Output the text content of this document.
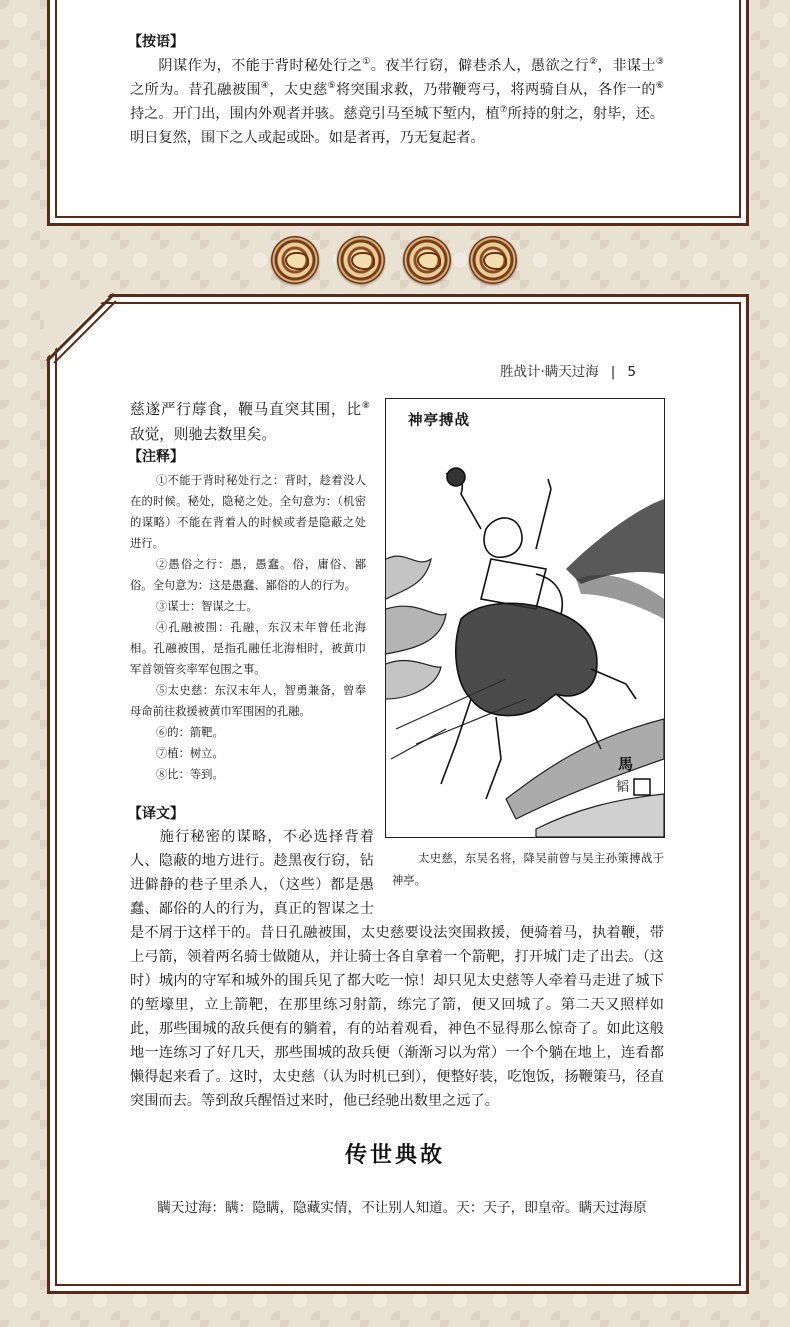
【按语】

阴谋作为，不能于背时秘处行之①。夜半行窃，僻巷杀人，愚欲之行②，非谋士③之所为。昔孔融被围④，太史慈⑤将突围求救，乃带鞭弯弓，将两骑自从，各作一的⑥持之。开门出，围内外观者并骇。慈竟引马至城下堑内，植⑦所持的射之，射毕，还。明日复然，围下之人或起或卧。如是者再，乃无复起者。

胜战计·瞒天过海 | 5

慈遂严行蓐食，鞭马直突其围，比⑧敌觉，则驰去数里矣。

【注释】

①不能于背时秘处行之：背时，趁着没人在的时候。秘处，隐秘之处。全句意为：（机密的谋略）不能在背着人的时候或者是隐蔽之处进行。

②愚俗之行：愚，愚蠢。俗，庸俗、鄙俗。全句意为：这是愚蠢、鄙俗的人的行为。

③谋士：智谋之士。

④孔融被围：孔融，东汉末年曾任北海相。孔融被围，是指孔融任北海相时，被黄巾军首领管亥率军包围之事。

⑤太史慈：东汉末年人，智勇兼备，曾奉母命前往救援被黄巾军围困的孔融。

⑥的：箭靶。

⑦植：树立。

⑧比：等到。

【译文】
神亭搏战
馬
韬

太史慈，东吴名将，降吴前曾与吴主孙策搏战于神亭。

施行秘密的谋略，不必选择背着人、隐蔽的地方进行。趁黑夜行窃，钻进僻静的巷子里杀人，（这些）都是愚蠢、鄙俗的人的行为，真正的智谋之士是不屑于这样干的。昔日孔融被围，太史慈要设法突围救援，便骑着马，执着鞭，带上弓箭，领着两名骑士做随从，并让骑士各自拿着一个箭靶，打开城门走了出去。（这时）城内的守军和城外的围兵见了都大吃一惊！却只见太史慈等人牵着马走进了城下的堑壕里，立上箭靶，在那里练习射箭，练完了箭，便又回城了。第二天又照样如此，那些围城的敌兵便有的躺着，有的站着观看，神色不显得那么惊奇了。如此这般地一连练习了好几天，那些围城的敌兵便（渐渐习以为常）一个个躺在地上，连看都懒得起来看了。这时，太史慈（认为时机已到），便整好装，吃饱饭，扬鞭策马，径直突围而去。等到敌兵醒悟过来时，他已经驰出数里之远了。

传世典故

瞒天过海：瞒：隐瞒，隐藏实情，不让别人知道。天：天子，即皇帝。瞒天过海原
